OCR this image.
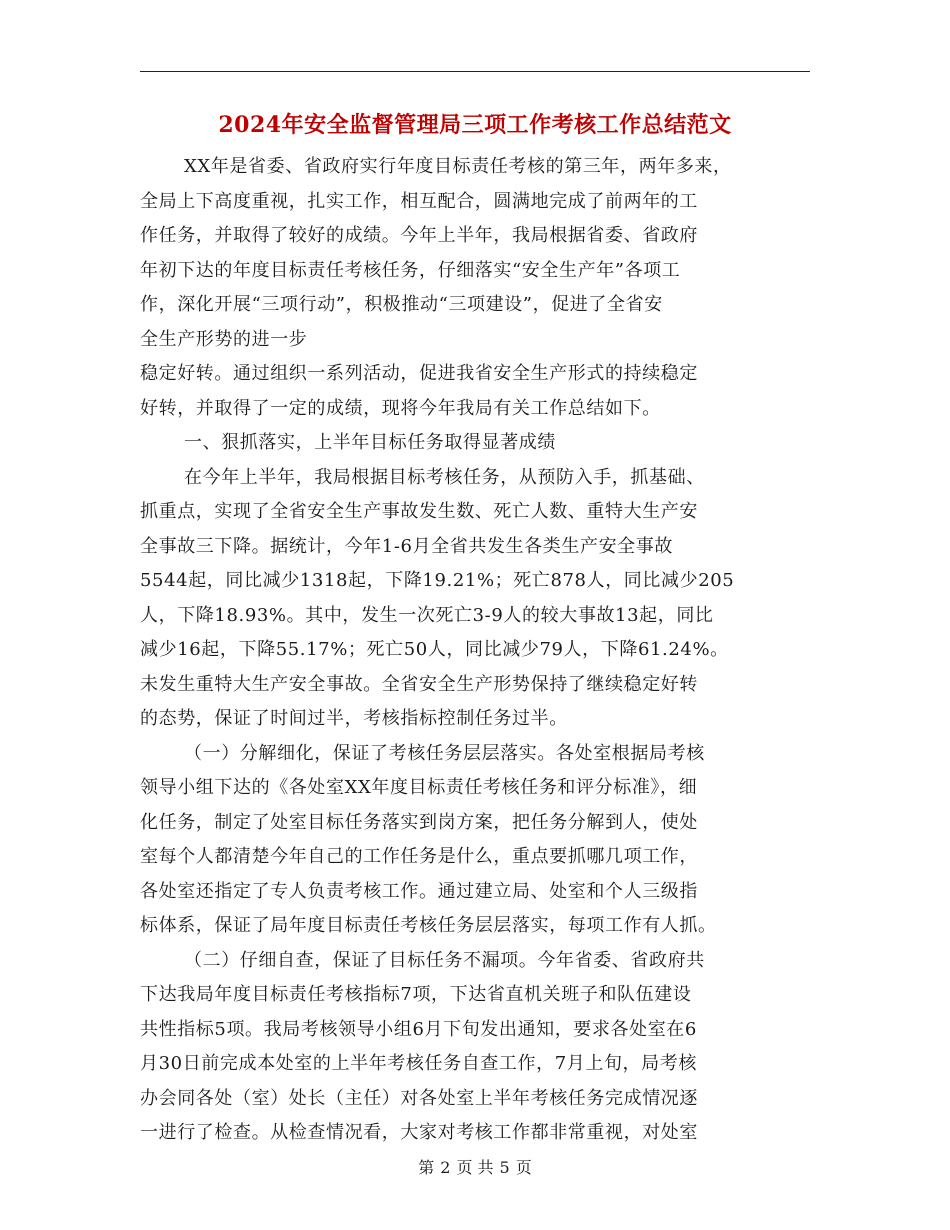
2024年安全监督管理局三项工作考核工作总结范文
XX年是省委、省政府实行年度目标责任考核的第三年，两年多来，
全局上下高度重视，扎实工作，相互配合，圆满地完成了前两年的工
作任务，并取得了较好的成绩。今年上半年，我局根据省委、省政府
年初下达的年度目标责任考核任务，仔细落实“安全生产年”各项工
作，深化开展“三项行动”，积极推动“三项建设”，促进了全省安
全生产形势的进一步
稳定好转。通过组织一系列活动，促进我省安全生产形式的持续稳定
好转，并取得了一定的成绩，现将今年我局有关工作总结如下。
一、狠抓落实，上半年目标任务取得显著成绩
在今年上半年，我局根据目标考核任务，从预防入手，抓基础、
抓重点，实现了全省安全生产事故发生数、死亡人数、重特大生产安
全事故三下降。据统计，今年1-6月全省共发生各类生产安全事故
5544起，同比减少1318起，下降19.21%；死亡878人，同比减少205
人，下降18.93%。其中，发生一次死亡3-9人的较大事故13起，同比
减少16起，下降55.17%；死亡50人，同比减少79人，下降61.24%。
未发生重特大生产安全事故。全省安全生产形势保持了继续稳定好转
的态势，保证了时间过半，考核指标控制任务过半。
（一）分解细化，保证了考核任务层层落实。各处室根据局考核
领导小组下达的《各处室XX年度目标责任考核任务和评分标准》，细
化任务，制定了处室目标任务落实到岗方案，把任务分解到人，使处
室每个人都清楚今年自己的工作任务是什么，重点要抓哪几项工作，
各处室还指定了专人负责考核工作。通过建立局、处室和个人三级指
标体系，保证了局年度目标责任考核任务层层落实，每项工作有人抓。
（二）仔细自查，保证了目标任务不漏项。今年省委、省政府共
下达我局年度目标责任考核指标7项，下达省直机关班子和队伍建设
共性指标5项。我局考核领导小组6月下旬发出通知，要求各处室在6
月30日前完成本处室的上半年考核任务自查工作，7月上旬，局考核
办会同各处（室）处长（主任）对各处室上半年考核任务完成情况逐
一进行了检查。从检查情况看，大家对考核工作都非常重视，对处室
第 2 页 共 5 页
